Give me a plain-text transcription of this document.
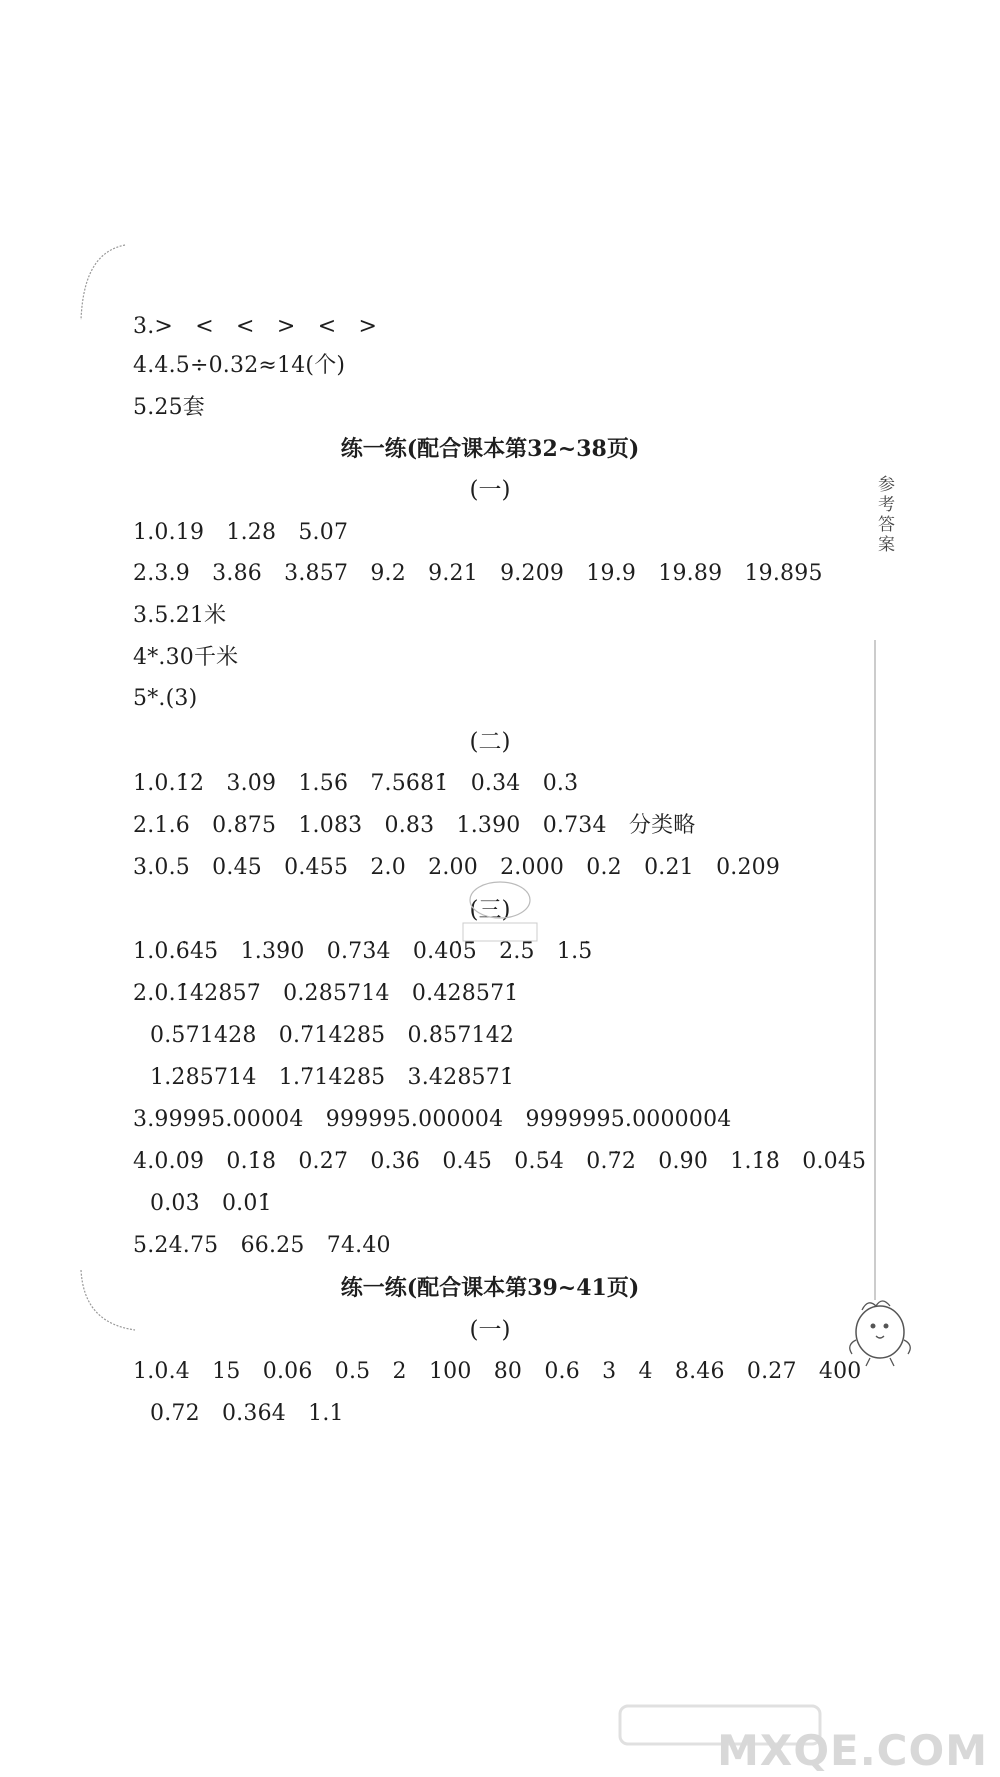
参考答案
3.>　<　<　>　<　>
4.4.5÷0.32≈14(个)
5.25套
练一练(配合课本第32~38页)
(一)
1.0.19　1.28　5.07
2.3.9　3.86　3.857　9.2　9.21　9.209　19.9　19.89　19.895
3.5.21米
4*.30千米
5*.(3)
(二)
1.0.1̇2̇　3.0̇9̇　1.56̇　7.56̇81̇　0.3̇4̇　0.3̇
2.1.6　0.875　1.083̇　0.83̇　1.390　0.734̇　分类略
3.0.5　0.45　0.455　2.0　2.00　2.000　0.2　0.21　0.209
(三)
1.0.6̇45̇　1.39̇0̇　0.73̇4̇　0.40̇5̇　2.5̇　1.5̇
2.0.1̇42857̇　0.2̇85714̇　0.4̇28571̇
0.5̇71428̇　0.7̇14285̇　0.8̇57142̇
1.2̇85714̇　1.7̇14285̇　3.4̇28571̇
3.99995.00004　999995.000004　9999995.0000004
4.0.0̇9̇　0.1̇8̇　0.2̇7̇　0.3̇6̇　0.4̇5̇　0.5̇4̇　0.7̇2̇　0.9̇0̇　1.1̇8̇　0.04̇5̇
0.0̇3̇　0.0̇1̇
5.24.75　66.25　74.40
练一练(配合课本第39~41页)
(一)
1.0.4　15　0.06　0.5　2　100　80　0.6　3　4　8.46　0.27　400
0.72　0.364　1.1
MXQE.COM
